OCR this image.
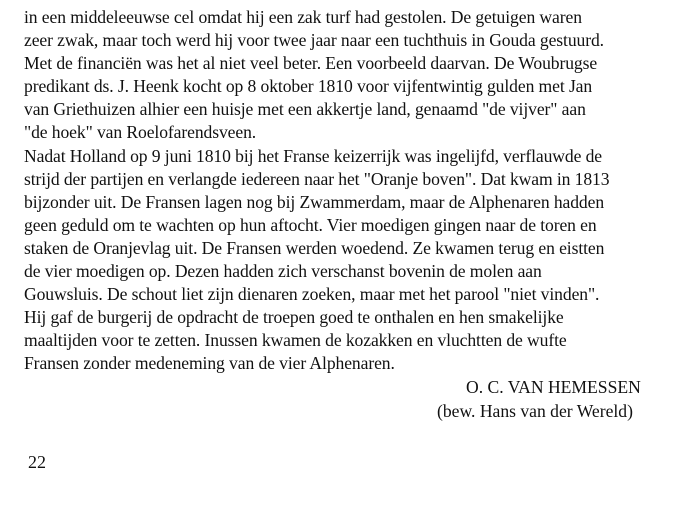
in een middeleeuwse cel omdat hij een zak turf had gestolen. De getuigen waren
zeer zwak, maar toch werd hij voor twee jaar naar een tuchthuis in Gouda gestuurd.
Met de financiën was het al niet veel beter. Een voorbeeld daarvan. De Woubrugse
predikant ds. J. Heenk kocht op 8 oktober 1810 voor vijfentwintig gulden met Jan
van Griethuizen alhier een huisje met een akkertje land, genaamd "de vijver" aan
"de hoek" van Roelofarendsveen.
Nadat Holland op 9 juni 1810 bij het Franse keizerrijk was ingelijfd, verflauwde de
strijd der partijen en verlangde iedereen naar het "Oranje boven". Dat kwam in 1813
bijzonder uit. De Fransen lagen nog bij Zwammerdam, maar de Alphenaren hadden
geen geduld om te wachten op hun aftocht. Vier moedigen gingen naar de toren en
staken de Oranjevlag uit. De Fransen werden woedend. Ze kwamen terug en eistten
de vier moedigen op. Dezen hadden zich verschanst bovenin de molen aan
Gouwsluis. De schout liet zijn dienaren zoeken, maar met het parool "niet vinden".
Hij gaf de burgerij de opdracht de troepen goed te onthalen en hen smakelijke
maaltijden voor te zetten. Inussen kwamen de kozakken en vluchtten de wufte
Fransen zonder medeneming van de vier Alphenaren.
O. C. VAN HEMESSEN
(bew. Hans van der Wereld)
22
